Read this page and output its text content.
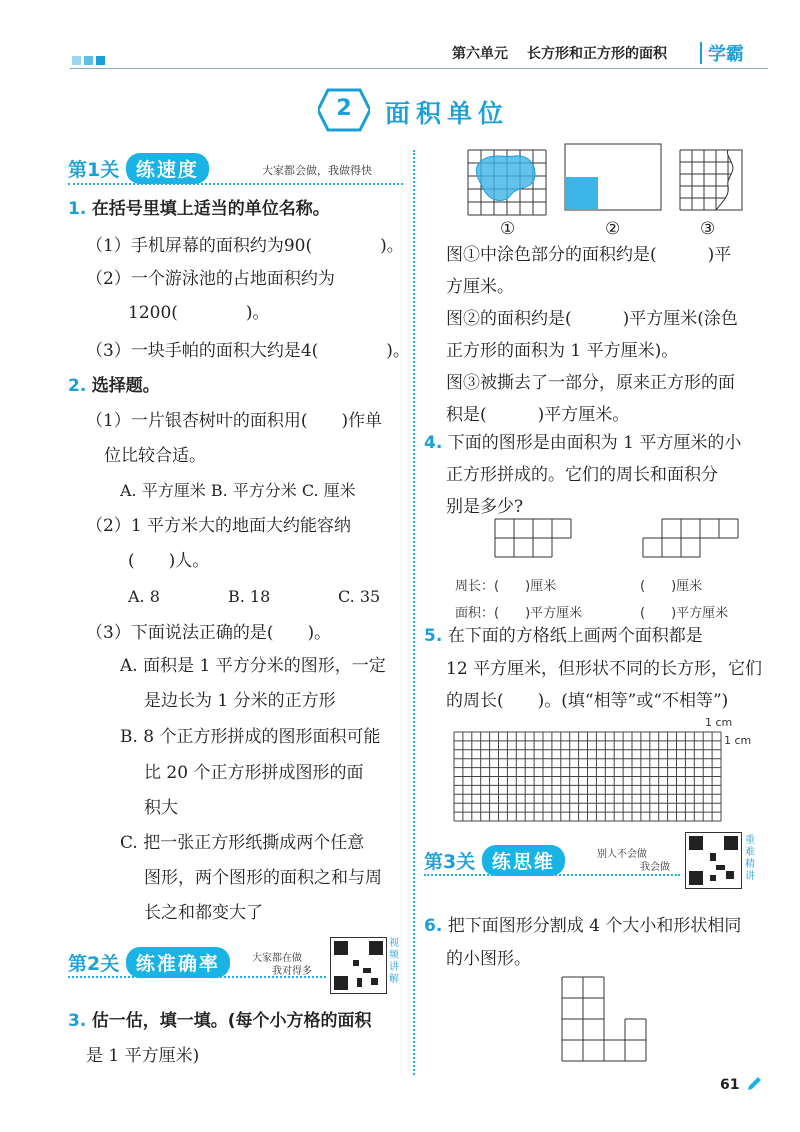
第六单元 长方形和正方形的面积 学霸
2	面积单位
第1关 练速度	大家都会做，我做得快
1. 在括号里填上适当的单位名称。
（1）手机屏幕的面积约为90(　　　　)。
（2）一个游泳池的占地面积约为
1200(　　　　)。
（3）一块手帕的面积大约是4(　　　　)。
2. 选择题。
（1）一片银杏树叶的面积用(　　)作单
位比较合适。
A. 平方厘米 B. 平方分米 C. 厘米
（2）1 平方米大的地面大约能容纳
(　　)人。
A. 8	B. 18	C. 35
（3）下面说法正确的是(　　)。
A. 面积是 1 平方分米的图形，一定
是边长为 1 分米的正方形
B. 8 个正方形拼成的图形面积可能
比 20 个正方形拼成图形的面
积大
C. 把一张正方形纸撕成两个任意
图形，两个图形的面积之和与周
长之和都变大了
第2关 练准确率	大家都在做
我对得多
视频讲解
3. 估一估，填一填。(每个小方格的面积
是 1 平方厘米)
①	②	③
图①中涂色部分的面积约是(　　　)平
方厘米。
图②的面积约是(　　　)平方厘米(涂色
正方形的面积为 1 平方厘米)。
图③被撕去了一部分，原来正方形的面
积是(　　　)平方厘米。
4. 下面的图形是由面积为 1 平方厘米的小
正方形拼成的。它们的周长和面积分
别是多少?
周长：(　　)厘米	(　　)厘米
面积：(　　)平方厘米	(　　)平方厘米
5. 在下面的方格纸上画两个面积都是
12 平方厘米，但形状不同的长方形，它们
的周长(　　)。(填“相等”或“不相等”)
1 cm
1 cm
第3关 练思维	别人不会做
我会做
重难精讲
6. 把下面图形分割成 4 个大小和形状相同
的小图形。
61
